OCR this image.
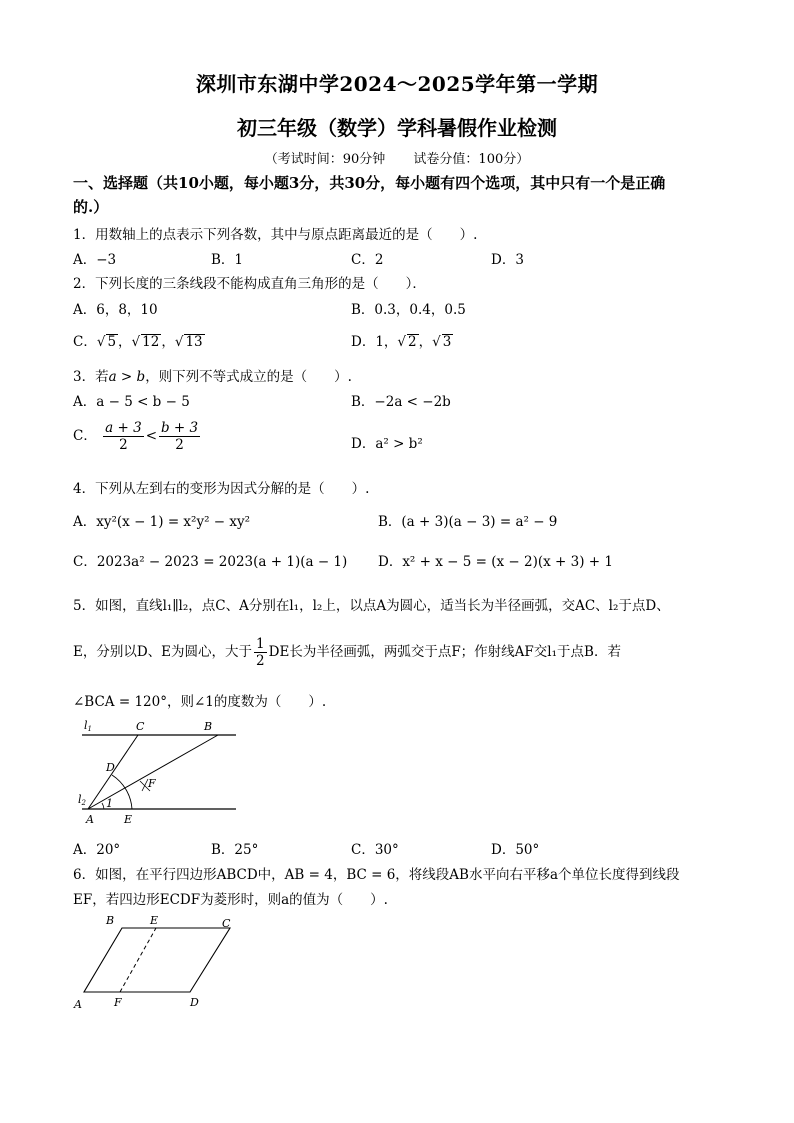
深圳市东湖中学2024～2025学年第一学期
初三年级（数学）学科暑假作业检测
（考试时间：90分钟 试卷分值：100分）
一、选择题（共10小题，每小题3分，共30分，每小题有四个选项，其中只有一个是正确
的.）
1．用数轴上的点表示下列各数，其中与原点距离最近的是（　　）.
A．−3	B．1	C．2	D．3
2．下列长度的三条线段不能构成直角三角形的是（　　）．
A．6，8，10	B．0.3，0.4，0.5
C．√ 5 ，√ 12 ，√ 13	D．1，√ 2 ，√ 3
3．若a > b，则下列不等式成立的是（　　）.
A．a − 5 < b − 5	B．−2a < −2b
C． $\frac{a + 3}{2} < \frac{b + 3}{2}$	D．a² > b²
4．下列从左到右的变形为因式分解的是（　　）.
A．xy²(x − 1) = x²y² − xy²	B．(a + 3)(a − 3) = a² − 9
C．2023a² − 2023 = 2023(a + 1)(a − 1) D．x² + x − 5 = (x − 2)(x + 3) + 1
5．如图，直线l₁∥l₂，点C、A分别在l₁，l₂上，以点A为圆心，适当长为半径画弧，交AC、l₂于点D、
E，分别以D、E为圆心，大于 $\frac{1}{2}$ DE长为半径画弧，两弧交于点F；作射线AF交l₁于点B．若
∠BCA = 120°，则∠1的度数为（　　）.
l1
l2
C	B
D
F
A	E
1
A．20°	B．25°	C．30°	D．50°
6．如图，在平行四边形ABCD中，AB = 4，BC = 6，将线段AB水平向右平移a个单位长度得到线段
EF，若四边形ECDF为菱形时，则a的值为（　　）.
B	E	C
A	F	D
